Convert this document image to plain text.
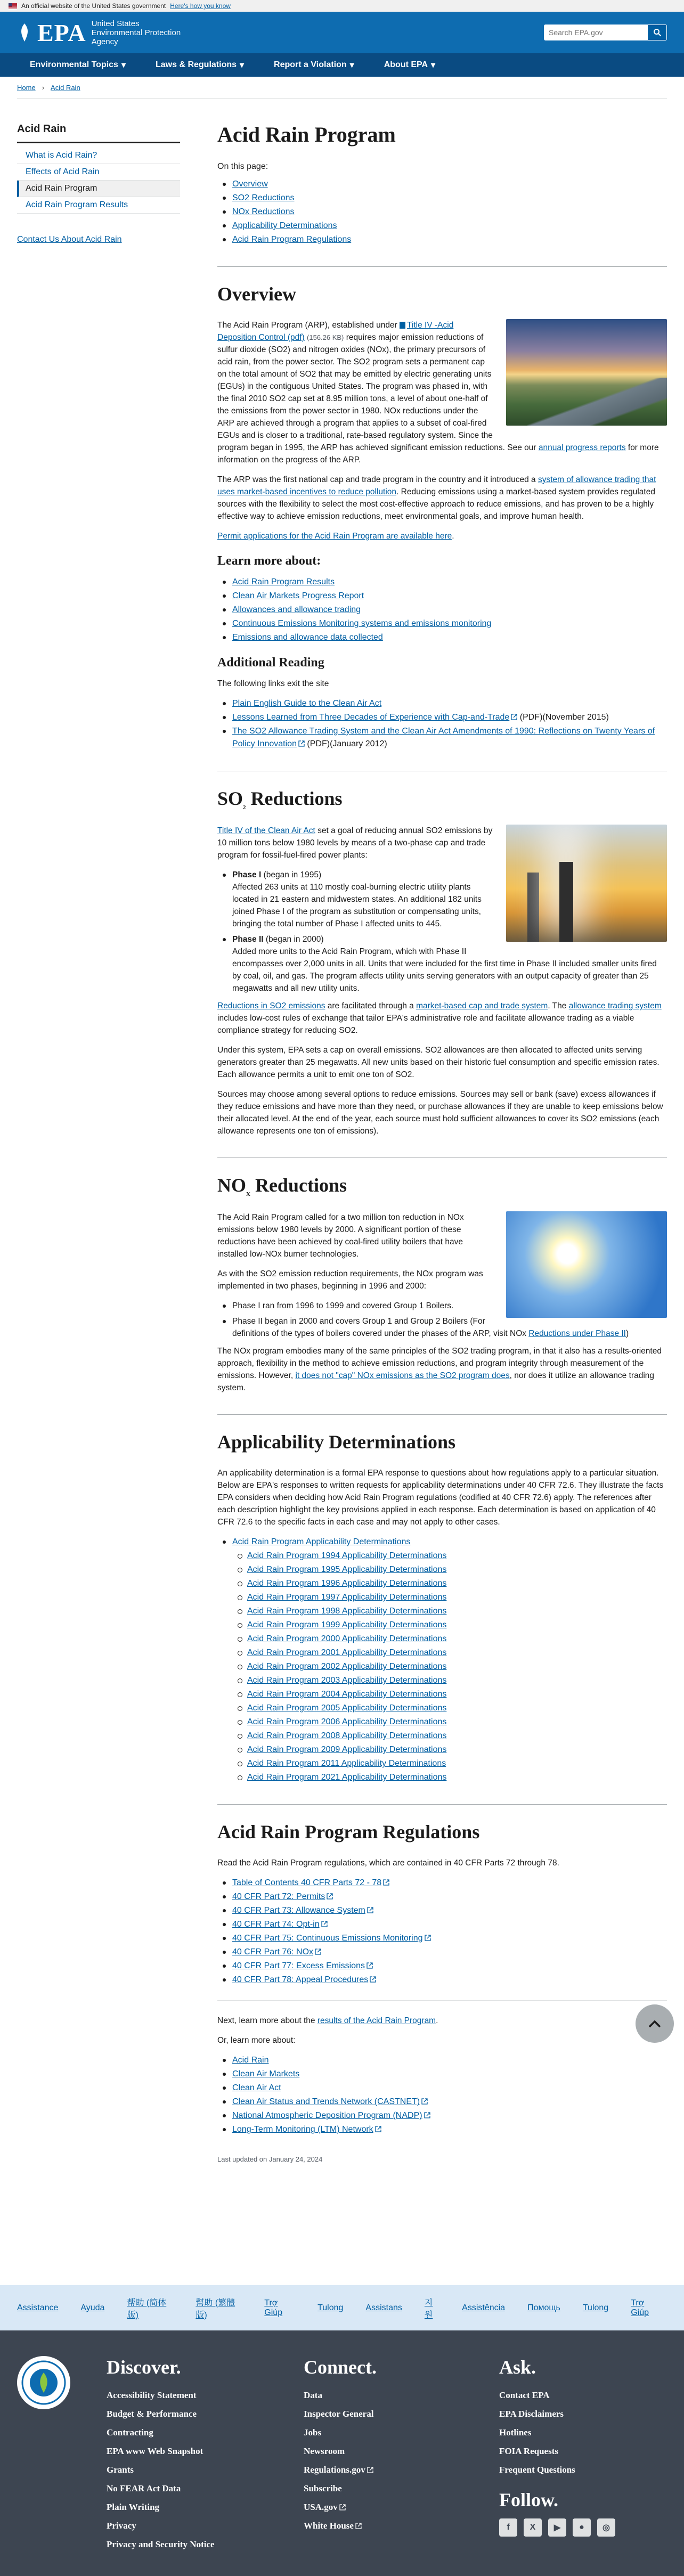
An official website of the United States government Here's how you know
EPA United States
Environmental Protection
Agency
Search EPA.gov
Environmental Topics ▾	Laws & Regulations ▾	Report a Violation ▾	About EPA ▾
Home › Acid Rain
Acid Rain
What is Acid Rain?
Effects of Acid Rain
Acid Rain Program
Acid Rain Program Results
Contact Us About Acid Rain
Acid Rain Program
On this page:
Overview
SO2 Reductions
NOx Reductions
Applicability Determinations
Acid Rain Program Regulations
Overview

The Acid Rain Program (ARP), established under Title IV -Acid Deposition Control (pdf) (156.26 KB) requires major emission reductions of sulfur dioxide (SO2) and nitrogen oxides (NOx), the primary precursors of acid rain, from the power sector. The SO2 program sets a permanent cap on the total amount of SO2 that may be emitted by electric generating units (EGUs) in the contiguous United States. The program was phased in, with the final 2010 SO2 cap set at 8.95 million tons, a level of about one-half of the emissions from the power sector in 1980. NOx reductions under the ARP are achieved through a program that applies to a subset of coal-fired EGUs and is closer to a traditional, rate-based regulatory system. Since the program began in 1995, the ARP has achieved significant emission reductions. See our annual progress reports for more information on the progress of the ARP.

The ARP was the first national cap and trade program in the country and it introduced a system of allowance trading that uses market-based incentives to reduce pollution. Reducing emissions using a market-based system provides regulated sources with the flexibility to select the most cost-effective approach to reduce emissions, and has proven to be a highly effective way to achieve emission reductions, meet environmental goals, and improve human health.

Permit applications for the Acid Rain Program are available here.

Learn more about:
Acid Rain Program Results
Clean Air Markets Progress Report
Allowances and allowance trading
Continuous Emissions Monitoring systems and emissions monitoring
Emissions and allowance data collected
Additional Reading

The following links exit the site

Plain English Guide to the Clean Air Act
Lessons Learned from Three Decades of Experience with Cap-and-Trade (PDF)(November 2015)
The SO2 Allowance Trading System and the Clean Air Act Amendments of 1990: Reflections on Twenty Years of Policy Innovation (PDF)(January 2012)
$SO_2$ Reductions

Title IV of the Clean Air Act set a goal of reducing annual SO2 emissions by 10 million tons below 1980 levels by means of a two-phase cap and trade program for fossil-fuel-fired power plants:

Phase I (began in 1995)
Affected 263 units at 110 mostly coal-burning electric utility plants located in 21 eastern and midwestern states. An additional 182 units joined Phase I of the program as substitution or compensating units, bringing the total number of Phase I affected units to 445.
Phase II (began in 2000)
Added more units to the Acid Rain Program, which with Phase II encompasses over 2,000 units in all. Units that were included for the first time in Phase II included smaller units fired by coal, oil, and gas. The program affects utility units serving generators with an output capacity of greater than 25 megawatts and all new utility units.

Reductions in SO2 emissions are facilitated through a market-based cap and trade system. The allowance trading system includes low-cost rules of exchange that tailor EPA's administrative role and facilitate allowance trading as a viable compliance strategy for reducing SO2.

Under this system, EPA sets a cap on overall emissions. SO2 allowances are then allocated to affected units serving generators greater than 25 megawatts. All new units based on their historic fuel consumption and specific emission rates. Each allowance permits a unit to emit one ton of SO2.

Sources may choose among several options to reduce emissions. Sources may sell or bank (save) excess allowances if they reduce emissions and have more than they need, or purchase allowances if they are unable to keep emissions below their allocated level. At the end of the year, each source must hold sufficient allowances to cover its SO2 emissions (each allowance represents one ton of emissions).

$NO_X$ Reductions

The Acid Rain Program called for a two million ton reduction in NOx emissions below 1980 levels by 2000. A significant portion of these reductions have been achieved by coal-fired utility boilers that have installed low-NOx burner technologies.

As with the SO2 emission reduction requirements, the NOx program was implemented in two phases, beginning in 1996 and 2000:

Phase I ran from 1996 to 1999 and covered Group 1 Boilers.
Phase II began in 2000 and covers Group 1 and Group 2 Boilers (For definitions of the types of boilers covered under the phases of the ARP, visit NOx Reductions under Phase II)

The NOx program embodies many of the same principles of the SO2 trading program, in that it also has a results-oriented approach, flexibility in the method to achieve emission reductions, and program integrity through measurement of the emissions. However, it does not "cap" NOx emissions as the SO2 program does, nor does it utilize an allowance trading system.

Applicability Determinations

An applicability determination is a formal EPA response to questions about how regulations apply to a particular situation. Below are EPA's responses to written requests for applicability determinations under 40 CFR 72.6. They illustrate the facts EPA considers when deciding how Acid Rain Program regulations (codified at 40 CFR 72.6) apply. The references after each description highlight the key provisions applied in each response. Each determination is based on application of 40 CFR 72.6 to the specific facts in each case and may not apply to other cases.

Acid Rain Program Applicability Determinations
Acid Rain Program 1994 Applicability Determinations
Acid Rain Program 1995 Applicability Determinations
Acid Rain Program 1996 Applicability Determinations
Acid Rain Program 1997 Applicability Determinations
Acid Rain Program 1998 Applicability Determinations
Acid Rain Program 1999 Applicability Determinations
Acid Rain Program 2000 Applicability Determinations
Acid Rain Program 2001 Applicability Determinations
Acid Rain Program 2002 Applicability Determinations
Acid Rain Program 2003 Applicability Determinations
Acid Rain Program 2004 Applicability Determinations
Acid Rain Program 2005 Applicability Determinations
Acid Rain Program 2006 Applicability Determinations
Acid Rain Program 2008 Applicability Determinations
Acid Rain Program 2009 Applicability Determinations
Acid Rain Program 2011 Applicability Determinations
Acid Rain Program 2021 Applicability Determinations
Acid Rain Program Regulations

Read the Acid Rain Program regulations, which are contained in 40 CFR Parts 72 through 78.

Table of Contents 40 CFR Parts 72 - 78
40 CFR Part 72: Permits
40 CFR Part 73: Allowance System
40 CFR Part 74: Opt-in
40 CFR Part 75: Continuous Emissions Monitoring
40 CFR Part 76: NOx
40 CFR Part 77: Excess Emissions
40 CFR Part 78: Appeal Procedures

Next, learn more about the results of the Acid Rain Program.

Or, learn more about:

Acid Rain
Clean Air Markets
Clean Air Act
Clean Air Status and Trends Network (CASTNET)
National Atmospheric Deposition Program (NADP)
Long-Term Monitoring (LTM) Network
Last updated on January 24, 2024
Assistance	Ayuda
帮助 (简体版)
幫助 (繁體版)
Trợ Giúp
Tulong	Assistans
지원
Assistência	Помощь	Tulong
Trợ Giúp
Discover.
Accessibility Statement
Budget & Performance
Contracting
EPA www Web Snapshot
Grants
No FEAR Act Data
Plain Writing
Privacy
Privacy and Security Notice
Connect.
Data
Inspector General
Jobs
Newsroom
Regulations.gov
Subscribe
USA.gov
White House
Ask.
Contact EPA
EPA Disclaimers
Hotlines
FOIA Requests
Frequent Questions
Follow.
f	X	▶	●	◎
